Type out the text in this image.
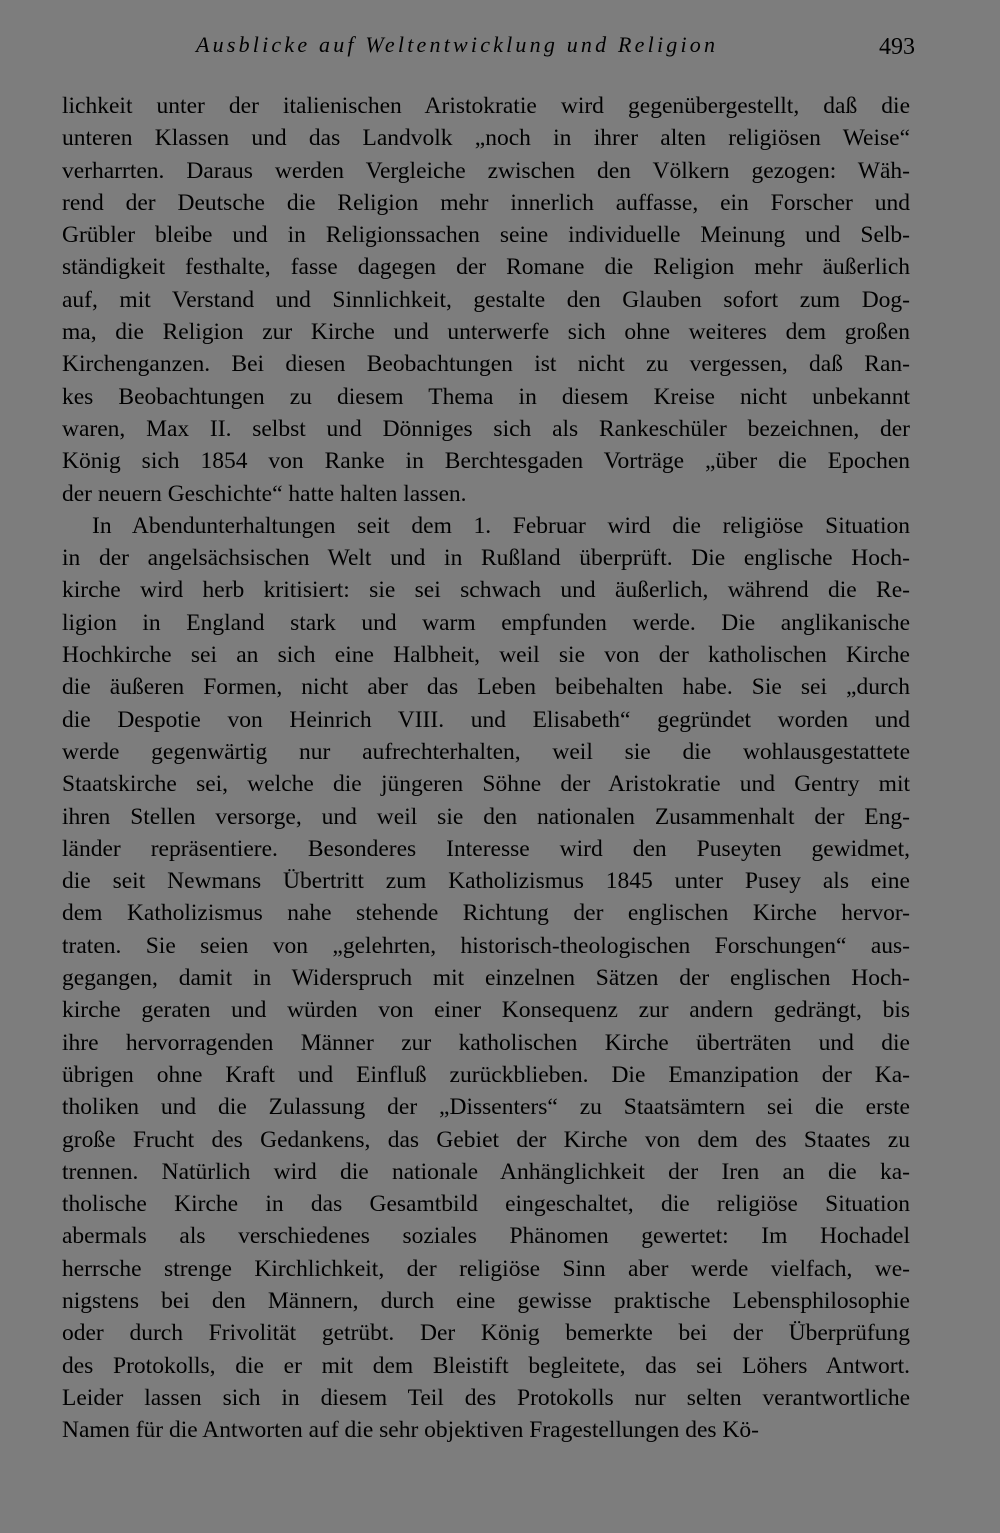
Ausblicke auf Weltentwicklung und Religion	493
lichkeit unter der italienischen Aristokratie wird gegenübergestellt, daß die
unteren Klassen und das Landvolk „noch in ihrer alten religiösen Weise“
verharrten. Daraus werden Vergleiche zwischen den Völkern gezogen: Wäh-
rend der Deutsche die Religion mehr innerlich auffasse, ein Forscher und
Grübler bleibe und in Religionssachen seine individuelle Meinung und Selb-
ständigkeit festhalte, fasse dagegen der Romane die Religion mehr äußerlich
auf, mit Verstand und Sinnlichkeit, gestalte den Glauben sofort zum Dog-
ma, die Religion zur Kirche und unterwerfe sich ohne weiteres dem großen
Kirchenganzen. Bei diesen Beobachtungen ist nicht zu vergessen, daß Ran-
kes Beobachtungen zu diesem Thema in diesem Kreise nicht unbekannt
waren, Max II. selbst und Dönniges sich als Rankeschüler bezeichnen, der
König sich 1854 von Ranke in Berchtesgaden Vorträge „über die Epochen
der neuern Geschichte“ hatte halten lassen.
In Abendunterhaltungen seit dem 1. Februar wird die religiöse Situation
in der angelsächsischen Welt und in Rußland überprüft. Die englische Hoch-
kirche wird herb kritisiert: sie sei schwach und äußerlich, während die Re-
ligion in England stark und warm empfunden werde. Die anglikanische
Hochkirche sei an sich eine Halbheit, weil sie von der katholischen Kirche
die äußeren Formen, nicht aber das Leben beibehalten habe. Sie sei „durch
die Despotie von Heinrich VIII. und Elisabeth“ gegründet worden und
werde gegenwärtig nur aufrechterhalten, weil sie die wohlausgestattete
Staatskirche sei, welche die jüngeren Söhne der Aristokratie und Gentry mit
ihren Stellen versorge, und weil sie den nationalen Zusammenhalt der Eng-
länder repräsentiere. Besonderes Interesse wird den Puseyten gewidmet,
die seit Newmans Übertritt zum Katholizismus 1845 unter Pusey als eine
dem Katholizismus nahe stehende Richtung der englischen Kirche hervor-
traten. Sie seien von „gelehrten, historisch-theologischen Forschungen“ aus-
gegangen, damit in Widerspruch mit einzelnen Sätzen der englischen Hoch-
kirche geraten und würden von einer Konsequenz zur andern gedrängt, bis
ihre hervorragenden Männer zur katholischen Kirche überträten und die
übrigen ohne Kraft und Einfluß zurückblieben. Die Emanzipation der Ka-
tholiken und die Zulassung der „Dissenters“ zu Staatsämtern sei die erste
große Frucht des Gedankens, das Gebiet der Kirche von dem des Staates zu
trennen. Natürlich wird die nationale Anhänglichkeit der Iren an die ka-
tholische Kirche in das Gesamtbild eingeschaltet, die religiöse Situation
abermals als verschiedenes soziales Phänomen gewertet: Im Hochadel
herrsche strenge Kirchlichkeit, der religiöse Sinn aber werde vielfach, we-
nigstens bei den Männern, durch eine gewisse praktische Lebensphilosophie
oder durch Frivolität getrübt. Der König bemerkte bei der Überprüfung
des Protokolls, die er mit dem Bleistift begleitete, das sei Löhers Antwort.
Leider lassen sich in diesem Teil des Protokolls nur selten verantwortliche
Namen für die Antworten auf die sehr objektiven Fragestellungen des Kö-
